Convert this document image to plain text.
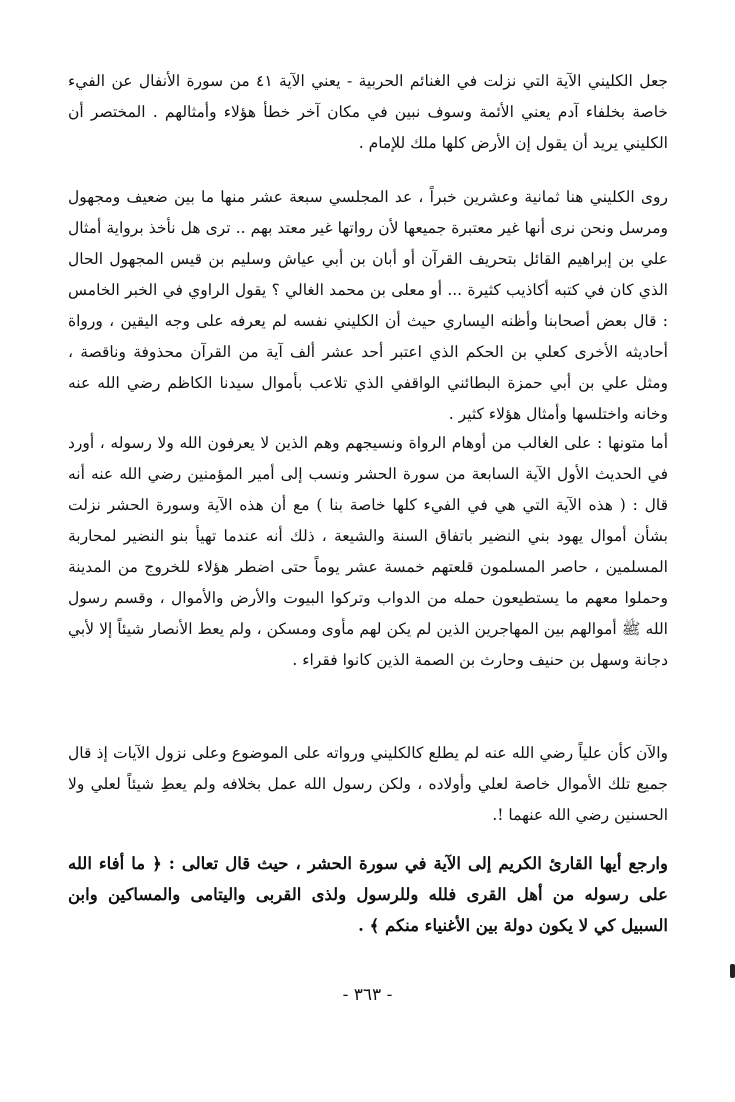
جعل الكليني الآية التي نزلت في الغنائم الحربية - يعني الآية ٤١ من سورة الأنفال عن الفيء خاصة بخلفاء آدم يعني الأئمة وسوف نبين في مكان آخر خطأ هؤلاء وأمثالهم . المختصر أن الكليني يريد أن يقول إن الأرض كلها ملك للإمام .

روى الكليني هنا ثمانية وعشرين خبراً ، عد المجلسي سبعة عشر منها ما بين ضعيف ومجهول ومرسل ونحن نرى أنها غير معتبرة جميعها لأن رواتها غير معتد بهم .. ترى هل نأخذ برواية أمثال علي بن إبراهيم القائل بتحريف القرآن أو أبان بن أبي عياش وسليم بن قيس المجهول الحال الذي كان في كتبه أكاذيب كثيرة ... أو معلى بن محمد الغالي ؟ يقول الراوي في الخبر الخامس : قال بعض أصحابنا وأظنه اليساري حيث أن الكليني نفسه لم يعرفه على وجه اليقين ، ورواة أحاديثه الأخرى كعلي بن الحكم الذي اعتبر أحد عشر ألف آية من القرآن محذوفة وناقصة ، ومثل علي بن أبي حمزة البطائني الواقفي الذي تلاعب بأموال سيدنا الكاظم رضي الله عنه وخانه واختلسها وأمثال هؤلاء كثير .

أما متونها : على الغالب من أوهام الرواة ونسيجهم وهم الذين لا يعرفون الله ولا رسوله ، أورد في الحديث الأول الآية السابعة من سورة الحشر ونسب إلى أمير المؤمنين رضي الله عنه أنه قال : ( هذه الآية التي هي في الفيء كلها خاصة بنا ) مع أن هذه الآية وسورة الحشر نزلت بشأن أموال يهود بني النضير باتفاق السنة والشيعة ، ذلك أنه عندما تهيأ بنو النضير لمحاربة المسلمين ، حاصر المسلمون قلعتهم خمسة عشر يوماً حتى اضطر هؤلاء للخروج من المدينة وحملوا معهم ما يستطيعون حمله من الدواب وتركوا البيوت والأرض والأموال ، وقسم رسول الله ﷺ أموالهم بين المهاجرين الذين لم يكن لهم مأوى ومسكن ، ولم يعط الأنصار شيئاً إلا لأبي دجانة وسهل بن حنيف وحارث بن الصمة الذين كانوا فقراء .

والآن كأن علياً رضي الله عنه لم يطلع كالكليني ورواته على الموضوع وعلى نزول الآيات إذ قال جميع تلك الأموال خاصة لعلي وأولاده ، ولكن رسول الله عمل بخلافه ولم يعطِ شيئاً لعلي ولا الحسنين رضي الله عنهما !.

وارجع أيها القارئ الكريم إلى الآية في سورة الحشر ، حيث قال تعالى : ﴿ ما أفاء الله على رسوله من أهل القرى فلله وللرسول ولذى القربى واليتامى والمساكين وابن السبيل كي لا يكون دولة بين الأغنياء منكم ﴾ .

- ٣٦٣ -
